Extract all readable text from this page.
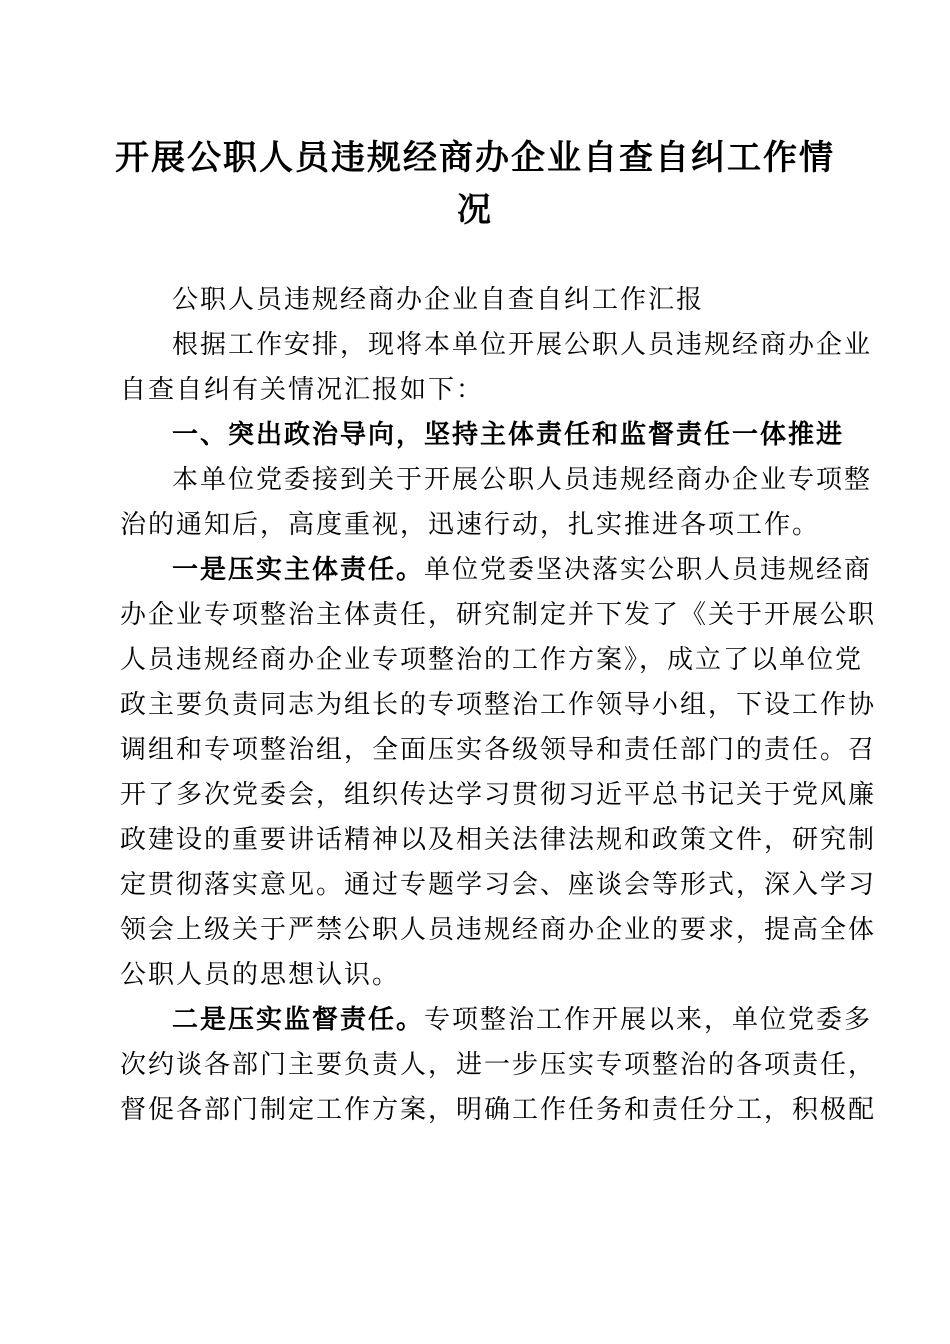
开展公职人员违规经商办企业自查自纠工作情况

公职人员违规经商办企业自查自纠工作汇报

根据工作安排，现将本单位开展公职人员违规经商办企业自查自纠有关情况汇报如下：

一、突出政治导向，坚持主体责任和监督责任一体推进

本单位党委接到关于开展公职人员违规经商办企业专项整治的通知后，高度重视，迅速行动，扎实推进各项工作。

一是压实主体责任。单位党委坚决落实公职人员违规经商办企业专项整治主体责任，研究制定并下发了《关于开展公职人员违规经商办企业专项整治的工作方案》，成立了以单位党政主要负责同志为组长的专项整治工作领导小组，下设工作协调组和专项整治组，全面压实各级领导和责任部门的责任。召开了多次党委会，组织传达学习贯彻习近平总书记关于党风廉政建设的重要讲话精神以及相关法律法规和政策文件，研究制定贯彻落实意见。通过专题学习会、座谈会等形式，深入学习领会上级关于严禁公职人员违规经商办企业的要求，提高全体公职人员的思想认识。

二是压实监督责任。专项整治工作开展以来，单位党委多次约谈各部门主要负责人，进一步压实专项整治的各项责任，督促各部门制定工作方案，明确工作任务和责任分工，积极配
